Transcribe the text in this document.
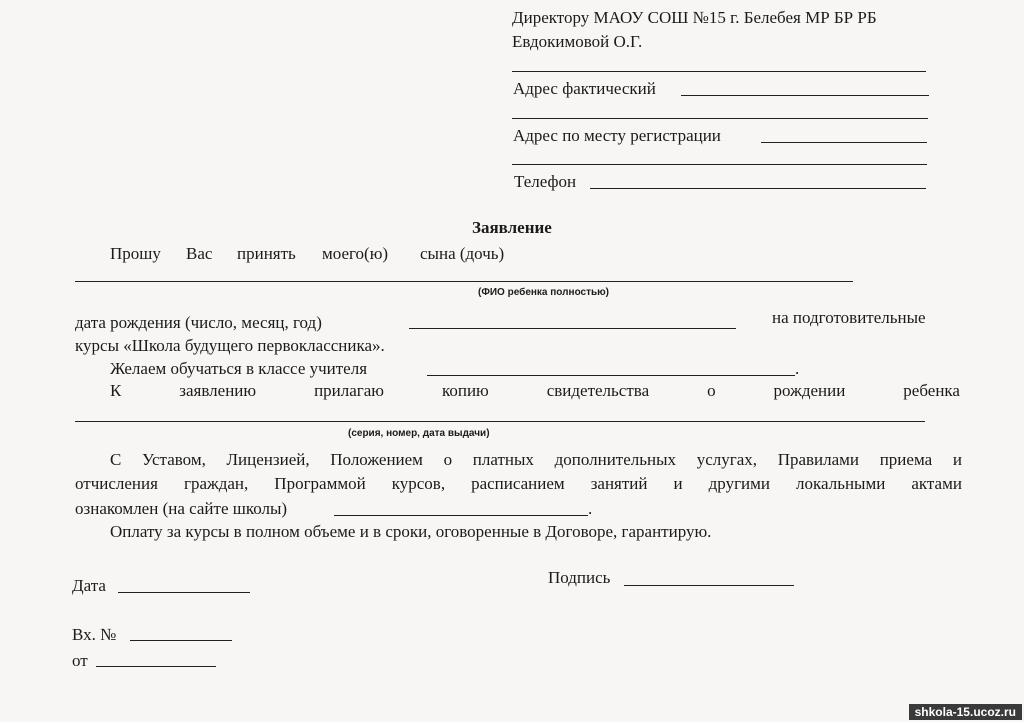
Директору МАОУ СОШ №15 г. Белебея МР БР РБ
Евдокимовой О.Г.
Адрес фактический
Адрес по месту регистрации
Телефон
Заявление
Прошу Вас принять моего(ю) сына (дочь)
(ФИО ребенка полностью)
дата рождения (число, месяц, год)	на подготовительные
курсы «Школа будущего первоклассника».
Желаем обучаться в классе учителя	.
К	заявлению	прилагаю	копию	свидетельства	о	рождении	ребенка
(серия, номер, дата выдачи)
С Уставом, Лицензией, Положением о платных дополнительных услугах, Правилами приема и
отчисления граждан, Программой курсов, расписанием занятий и другими локальными актами
ознакомлен (на сайте школы)	.
Оплату за курсы в полном объеме и в сроки, оговоренные в Договоре, гарантирую.
Дата	Подпись
Вх. №
от
shkola-15.ucoz.ru
